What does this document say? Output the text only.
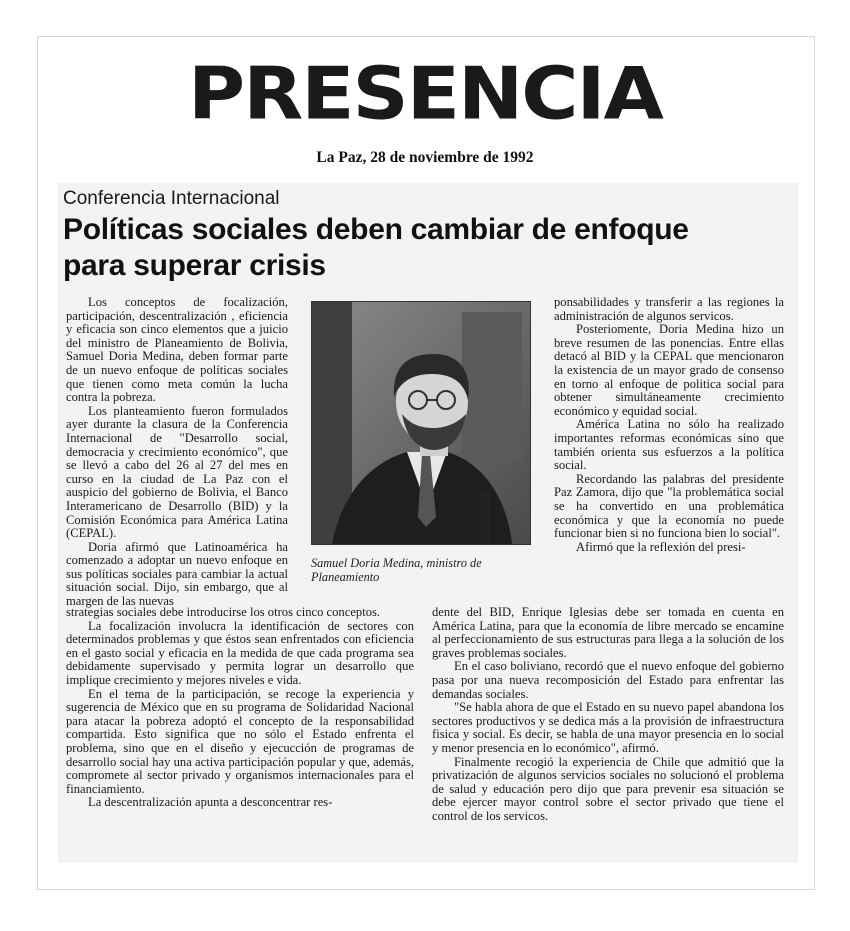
PRESENCIA
La Paz, 28 de noviembre de 1992
Conferencia Internacional
Políticas sociales deben cambiar de enfoque para superar crisis

Los conceptos de focalización, participación, descentralización , eficiencia y eficacia son cinco elementos que a juicio del ministro de Planeamiento de Bolivia, Samuel Doria Medina, deben formar parte de un nuevo enfoque de políticas sociales que tienen como meta común la lucha contra la pobreza.

Los planteamiento fueron formulados ayer durante la clasura de la Conferencia Internacional de "Desarrollo social, democracia y crecimiento económico", que se llevó a cabo del 26 al 27 del mes en curso en la ciudad de La Paz con el auspicio del gobierno de Bolivia, el Banco Interamericano de Desarrollo (BID) y la Comisión Económica para América Latina (CEPAL).

Doria afirmó que Latinoamérica ha comenzado a adoptar un nuevo enfoque en sus políticas sociales para cambiar la actual situación social. Dijo, sin embargo, que al margen de las nuevas

Samuel Doria Medina, ministro de Planeamiento

ponsabilidades y transferir a las regiones la administración de algunos servicos.

Posteriomente, Doria Medina hizo un breve resumen de las ponencias. Entre ellas detacó al BID y la CEPAL que mencionaron la existencia de un mayor grado de consenso en torno al enfoque de politica social para obtener simultáneamente crecimiento económico y equidad social.

América Latina no sólo ha realizado importantes reformas económicas sino que también orienta sus esfuerzos a la política social.

Recordando las palabras del presidente Paz Zamora, dijo que "la problemática social se ha convertido en una problemática económica y que la economía no puede funcionar bien si no funciona bien lo social".

Afirmó que la reflexión del presi-

strategias sociales debe introducirse los otros cinco conceptos.

La focalización involucra la identificación de sectores con determinados problemas y que éstos sean enfrentados con eficiencia en el gasto social y eficacia en la medida de que cada programa sea debidamente supervisado y permita lograr un desarrollo que implique crecimiento y mejores niveles e vida.

En el tema de la participación, se recoge la experiencia y sugerencia de México que en su programa de Solidaridad Nacional para atacar la pobreza adoptó el concepto de la responsabilidad compartida. Esto significa que no sólo el Estado enfrenta el problema, sino que en el diseño y ejecucción de programas de desarrollo social hay una activa participación popular y que, además, compromete al sector privado y organismos internacionales para el financiamiento.

La descentralización apunta a desconcentrar res-

dente del BID, Enrique Iglesias debe ser tomada en cuenta en América Latina, para que la economía de libre mercado se encamine al perfeccionamiento de sus estructuras para llega a la solución de los graves problemas sociales.

En el caso boliviano, recordó que el nuevo enfoque del gobierno pasa por una nueva recomposición del Estado para enfrentar las demandas sociales.

"Se habla ahora de que el Estado en su nuevo papel abandona los sectores productivos y se dedica más a la provisión de infraestructura fisica y social. Es decir, se habla de una mayor presencia en lo social y menor presencia en lo económico", afirmó.

Finalmente recogió la experiencia de Chile que admitió que la privatización de algunos servicios sociales no solucionó el problema de salud y educación pero dijo que para prevenir esa situación se debe ejercer mayor control sobre el sector privado que tiene el control de los servicos.
